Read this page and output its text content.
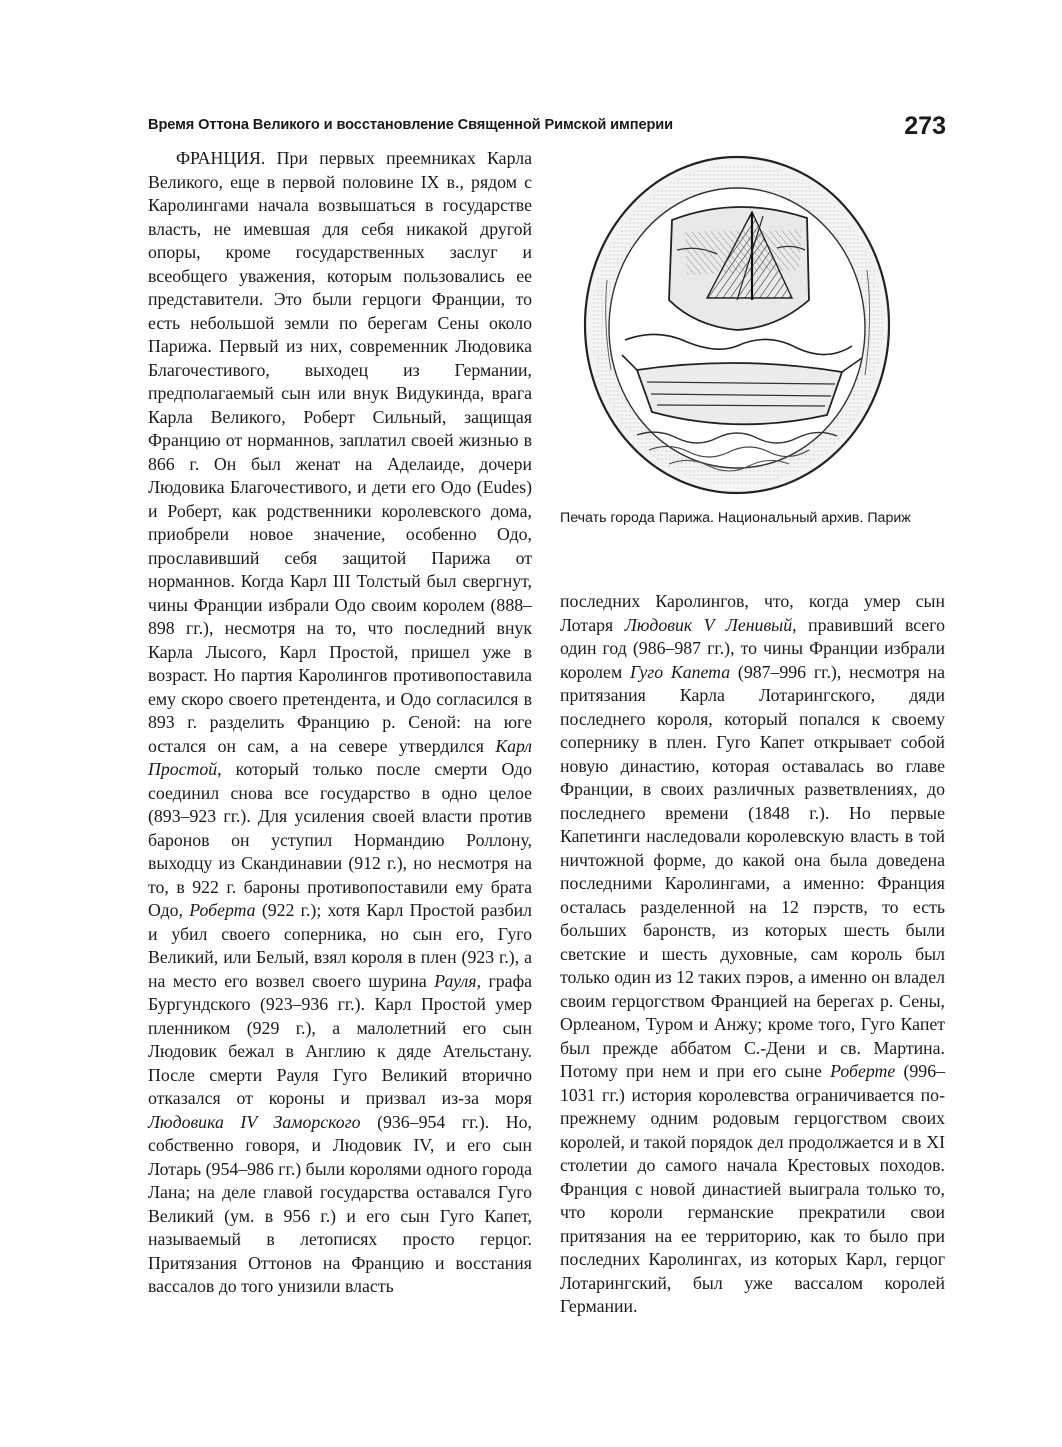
Время Оттона Великого и восстановление Священной Римской империи	273

ФРАНЦИЯ. При первых преемниках Карла Великого, еще в первой половине IX в., рядом с Каролингами начала возвышаться в государстве власть, не имевшая для себя никакой другой опоры, кроме государственных заслуг и всеобщего уважения, которым пользовались ее представители. Это были герцоги Франции, то есть небольшой земли по берегам Сены около Парижа. Первый из них, современник Людовика Благочестивого, выходец из Германии, предполагаемый сын или внук Видукинда, врага Карла Великого, Роберт Сильный, защищая Францию от норманнов, заплатил своей жизнью в 866 г. Он был женат на Аделаиде, дочери Людовика Благочестивого, и дети его Одо (Eudes) и Роберт, как родственники королевского дома, приобрели новое значение, особенно Одо, прославивший себя защитой Парижа от норманнов. Когда Карл III Толстый был свергнут, чины Франции избрали Одо своим королем (888–898 гг.), несмотря на то, что последний внук Карла Лысого, Карл Простой, пришел уже в возраст. Но партия Каролингов противопоставила ему скоро своего претендента, и Одо согласился в 893 г. разделить Францию р. Сеной: на юге остался он сам, а на севере утвердился Карл Простой, который только после смерти Одо соединил снова все государство в одно целое (893–923 гг.). Для усиления своей власти против баронов он уступил Нормандию Роллону, выходцу из Скандинавии (912 г.), но несмотря на то, в 922 г. бароны противопоставили ему брата Одо, Роберта (922 г.); хотя Карл Простой разбил и убил своего соперника, но сын его, Гуго Великий, или Белый, взял короля в плен (923 г.), а на место его возвел своего шурина Рауля, графа Бургундского (923–936 гг.). Карл Простой умер пленником (929 г.), а малолетний его сын Людовик бежал в Англию к дяде Ательстану. После смерти Рауля Гуго Великий вторично отказался от короны и призвал из-за моря Людовика IV Заморского (936–954 гг.). Но, собственно говоря, и Людовик IV, и его сын Лотарь (954–986 гг.) были королями одного города Лана; на деле главой государства оставался Гуго Великий (ум. в 956 г.) и его сын Гуго Капет, называемый в летописях просто герцог. Притязания Оттонов на Францию и восстания вассалов до того унизили власть

Печать города Парижа. Национальный архив. Париж

последних Каролингов, что, когда умер сын Лотаря Людовик V Ленивый, правивший всего один год (986–987 гг.), то чины Франции избрали королем Гуго Капета (987–996 гг.), несмотря на притязания Карла Лотарингского, дяди последнего короля, который попался к своему сопернику в плен. Гуго Капет открывает собой новую династию, которая оставалась во главе Франции, в своих различных разветвлениях, до последнего времени (1848 г.). Но первые Капетинги наследовали королевскую власть в той ничтожной форме, до какой она была доведена последними Каролингами, а именно: Франция осталась разделенной на 12 пэрств, то есть больших баронств, из которых шесть были светские и шесть духовные, сам король был только один из 12 таких пэров, а именно он владел своим герцогством Францией на берегах р. Сены, Орлеаном, Туром и Анжу; кроме того, Гуго Капет был прежде аббатом С.-Дени и св. Мартина. Потому при нем и при его сыне Роберте (996–1031 гг.) история королевства ограничивается по-прежнему одним родовым герцогством своих королей, и такой порядок дел продолжается и в XI столетии до самого начала Крестовых походов. Франция с новой династией выиграла только то, что короли германские прекратили свои притязания на ее территорию, как то было при последних Каролингах, из которых Карл, герцог Лотарингский, был уже вассалом королей Германии.
